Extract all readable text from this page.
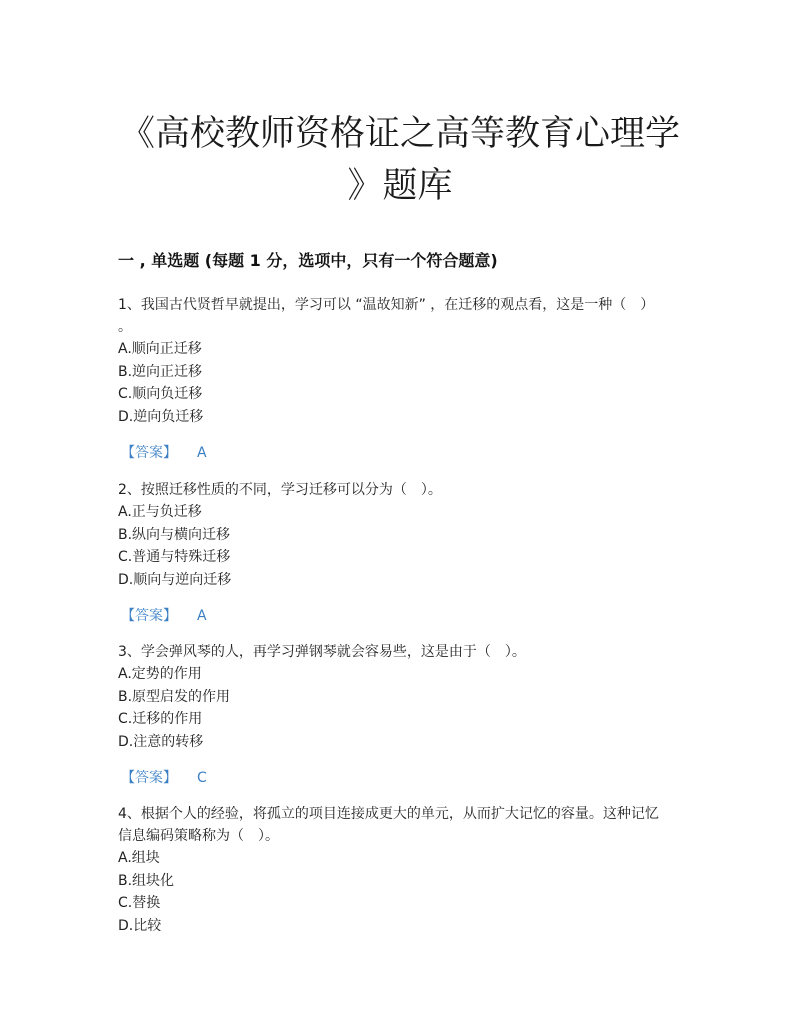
《高校教师资格证之高等教育心理学
》题库
一 , 单选题 (每题 1 分，选项中，只有一个符合题意)

1、我国古代贤哲早就提出，学习可以 “温故知新” ，在迁移的观点看，这是一种（　）
。

A.顺向正迁移
B.逆向正迁移
C.顺向负迁移
D.逆向负迁移
【答案】 A

2、按照迁移性质的不同，学习迁移可以分为（　）。

A.正与负迁移
B.纵向与横向迁移
C.普通与特殊迁移
D.顺向与逆向迁移
【答案】 A

3、学会弹风琴的人，再学习弹钢琴就会容易些，这是由于（　）。

A.定势的作用
B.原型启发的作用
C.迁移的作用
D.注意的转移
【答案】 C

4、根据个人的经验，将孤立的项目连接成更大的单元，从而扩大记忆的容量。这种记忆
信息编码策略称为（　）。

A.组块
B.组块化
C.替换
D.比较
